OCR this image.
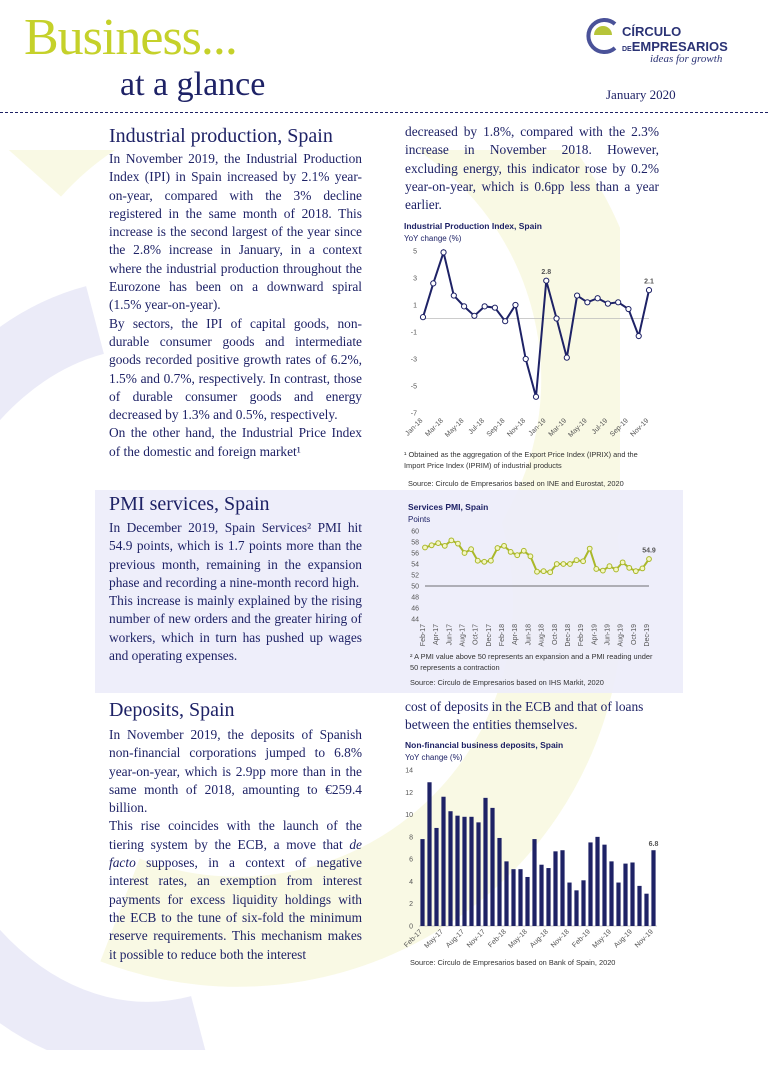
Business...
at a glance
CÍRCULO
DEEMPRESARIOS
ideas for growth
January 2020
Industrial production, Spain

In November 2019, the Industrial Production Index (IPI) in Spain increased by 2.1% year-on-year, compared with the 3% decline registered in the same month of 2018. This increase is the second largest of the year since the 2.8% increase in January, in a context where the industrial production throughout the Eurozone has been on a downward spiral (1.5% year-on-year).

By sectors, the IPI of capital goods, non-durable consumer goods and intermediate goods recorded positive growth rates of 6.2%, 1.5% and 0.7%, respectively. In contrast, those of durable consumer goods and energy decreased by 1.3% and 0.5%, respectively.

On the other hand, the Industrial Price Index of the domestic and foreign market¹

decreased by 1.8%, compared with the 2.3% increase in November 2018. However, excluding energy, this indicator rose by 0.2% year-on-year, which is 0.6pp less than a year earlier.
Industrial Production Index, Spain
YoY change (%)
5
3
1
-1
-3
-5
-7
2.8
2.1
Jan-18 Mar-18 May-18 Jul-18 Sep-18 Nov-18 Jan-19 Mar-19 May-19 Jul-19 Sep-19 Nov-19
¹ Obtained as the aggregation of the Export Price Index (IPRIX) and the Import Price Index (IPRIM) of industrial products
Source: Circulo de Empresarios based on INE and Eurostat, 2020
PMI services, Spain

In December 2019, Spain Services² PMI hit 54.9 points, which is 1.7 points more than the previous month, remaining in the expansion phase and recording a nine-month record high.

This increase is mainly explained by the rising number of new orders and the greater hiring of workers, which in turn has pushed up wages and operating expenses.

Services PMI, Spain
Points
60
58
56
54
52
50
48
46
44
54.9
Feb-17 Apr-17 Jun-17 Aug-17 Oct-17 Dec-17 Feb-18 Apr-18 Jun-18 Aug-18 Oct-18 Dec-18 Feb-19 Apr-19 Jun-19 Aug-19 Oct-19 Dec-19
² A PMI value above 50 represents an expansion and a PMI reading under 50 represents a contraction
Source: Circulo de Empresarios based on IHS Markit, 2020
Deposits, Spain

In November 2019, the deposits of Spanish non-financial corporations jumped to 6.8% year-on-year, which is 2.9pp more than in the same month of 2018, amounting to €259.4 billion.

This rise coincides with the launch of the tiering system by the ECB, a move that de facto supposes, in a context of negative interest rates, an exemption from interest payments for excess liquidity holdings with the ECB to the tune of six-fold the minimum reserve requirements. This mechanism makes it possible to reduce both the interest

cost of deposits in the ECB and that of loans between the entities themselves.
Non-financial business deposits, Spain
YoY change (%)
14
12
10
8
6
4
2
0
6.8
Feb-17 May-17 Aug-17 Nov-17 Feb-18 May-18 Aug-18 Nov-18 Feb-19 May-19 Aug-19 Nov-19
Source: Circulo de Empresarios based on Bank of Spain, 2020
